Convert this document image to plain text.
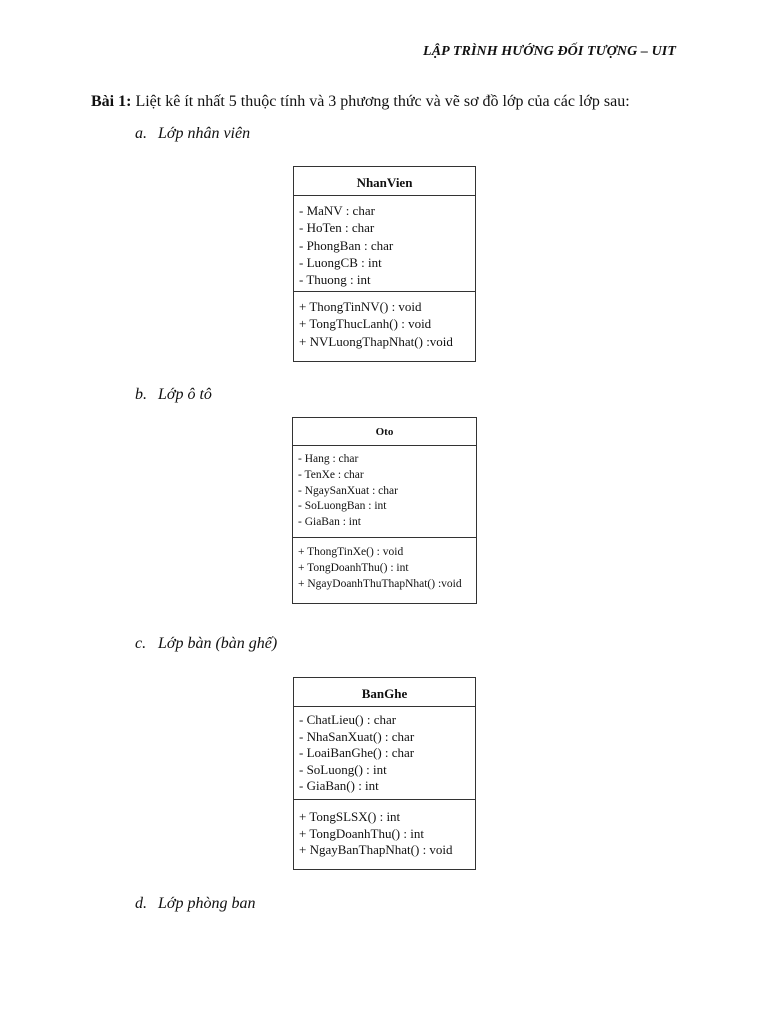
LẬP TRÌNH HƯỚNG ĐỐI TƯỢNG – UIT
Bài 1: Liệt kê ít nhất 5 thuộc tính và 3 phương thức và vẽ sơ đồ lớp của các lớp sau:
a. Lớp nhân viên
NhanVien
- MaNV : char
- HoTen : char
- PhongBan : char
- LuongCB : int
- Thuong : int
+ ThongTinNV() : void
+ TongThucLanh() : void
+ NVLuongThapNhat() :void
b. Lớp ô tô
Oto
- Hang : char
- TenXe : char
- NgaySanXuat : char
- SoLuongBan : int
- GiaBan : int
+ ThongTinXe() : void
+ TongDoanhThu() : int
+ NgayDoanhThuThapNhat() :void
c. Lớp bàn (bàn ghế)
BanGhe
- ChatLieu() : char
- NhaSanXuat() : char
- LoaiBanGhe() : char
- SoLuong() : int
- GiaBan() : int
+ TongSLSX() : int
+ TongDoanhThu() : int
+ NgayBanThapNhat() : void
d. Lớp phòng ban
